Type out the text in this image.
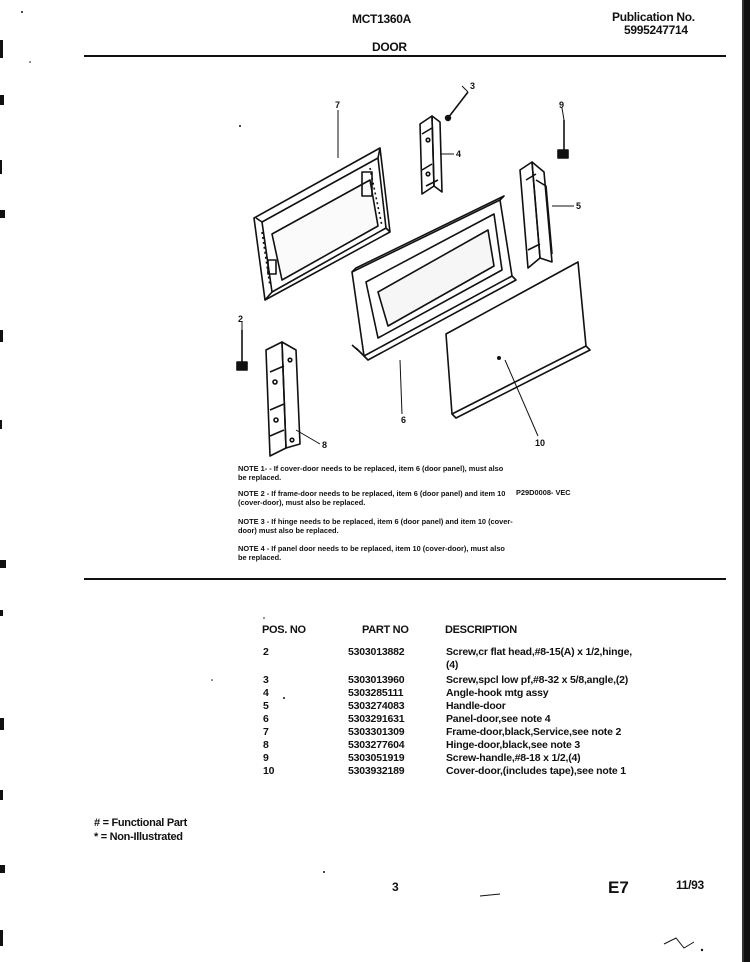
MCT1360A
DOOR
Publication No.
5995247714
7
3
4
9
5
2
6
8	10
NOTE 1- - If cover-door needs to be replaced, item 6 (door panel), must also be replaced.
NOTE 2 - If frame-door needs to be replaced, item 6 (door panel) and item 10 (cover-door), must also be replaced.
NOTE 3 - If hinge needs to be replaced, item 6 (door panel) and item 10 (cover-door) must also be replaced.
NOTE 4 - If panel door needs to be replaced, item 10 (cover-door), must also be replaced.
P29D0008- VEC
POS. NO	PART NO	DESCRIPTION
2	5303013882	Screw,cr flat head,#8-15(A) x 1/2,hinge,
(4)
3	5303013960	Screw,spcl low pf,#8-32 x 5/8,angle,(2)
4	5303285111	Angle-hook mtg assy
5	5303274083	Handle-door
6	5303291631	Panel-door,see note 4
7	5303301309	Frame-door,black,Service,see note 2
8	5303277604	Hinge-door,black,see note 3
9	5303051919	Screw-handle,#8-18 x 1/2,(4)
10	5303932189	Cover-door,(includes tape),see note 1
# = Functional Part
* = Non-Illustrated
3	E7	11/93
